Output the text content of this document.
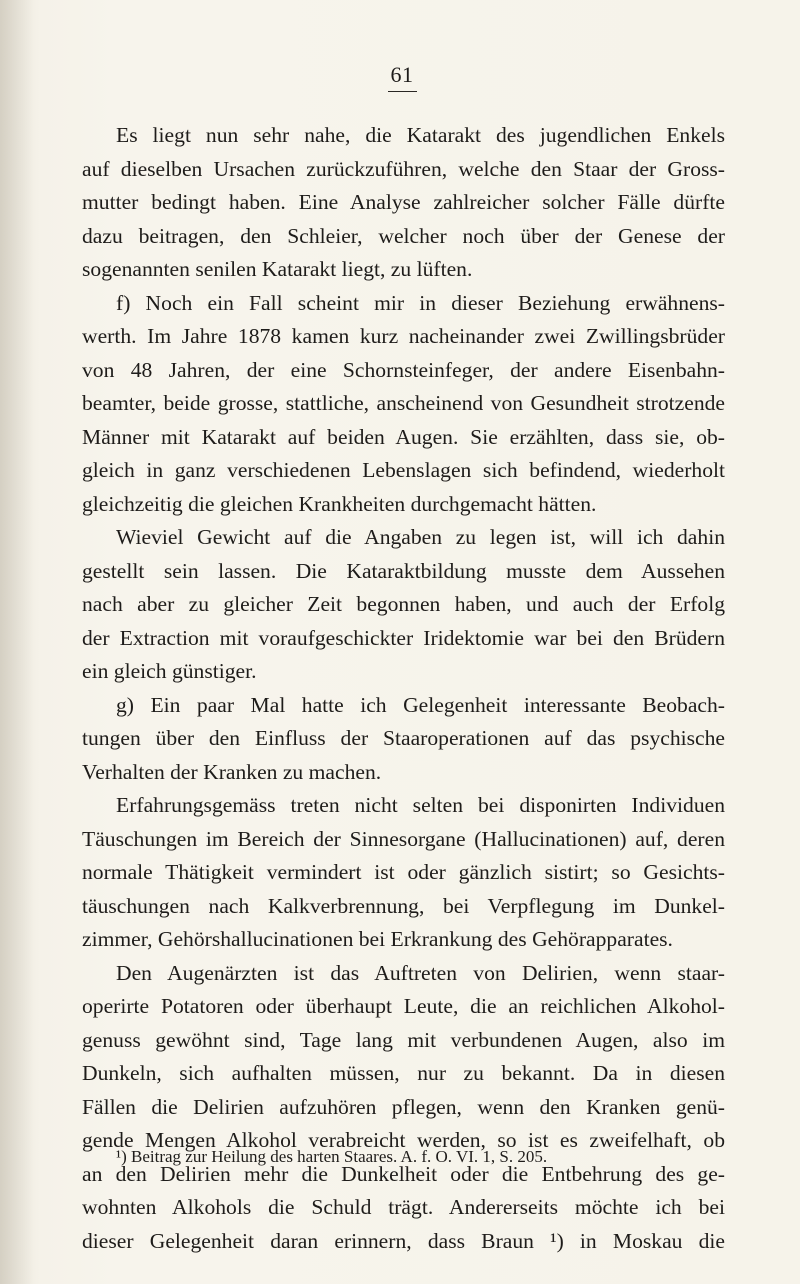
61
Es liegt nun sehr nahe, die Katarakt des jugendlichen Enkels
auf dieselben Ursachen zurückzuführen, welche den Staar der Gross-
mutter bedingt haben. Eine Analyse zahlreicher solcher Fälle dürfte
dazu beitragen, den Schleier, welcher noch über der Genese der
sogenannten senilen Katarakt liegt, zu lüften.
f) Noch ein Fall scheint mir in dieser Beziehung erwähnens-
werth. Im Jahre 1878 kamen kurz nacheinander zwei Zwillingsbrüder
von 48 Jahren, der eine Schornsteinfeger, der andere Eisenbahn-
beamter, beide grosse, stattliche, anscheinend von Gesundheit strotzende
Männer mit Katarakt auf beiden Augen. Sie erzählten, dass sie, ob-
gleich in ganz verschiedenen Lebenslagen sich befindend, wiederholt
gleichzeitig die gleichen Krankheiten durchgemacht hätten.
Wieviel Gewicht auf die Angaben zu legen ist, will ich dahin
gestellt sein lassen. Die Kataraktbildung musste dem Aussehen
nach aber zu gleicher Zeit begonnen haben, und auch der Erfolg
der Extraction mit voraufgeschickter Iridektomie war bei den Brüdern
ein gleich günstiger.
g) Ein paar Mal hatte ich Gelegenheit interessante Beobach-
tungen über den Einfluss der Staaroperationen auf das psychische
Verhalten der Kranken zu machen.
Erfahrungsgemäss treten nicht selten bei disponirten Individuen
Täuschungen im Bereich der Sinnesorgane (Hallucinationen) auf, deren
normale Thätigkeit vermindert ist oder gänzlich sistirt; so Gesichts-
täuschungen nach Kalkverbrennung, bei Verpflegung im Dunkel-
zimmer, Gehörshallucinationen bei Erkrankung des Gehörapparates.
Den Augenärzten ist das Auftreten von Delirien, wenn staar-
operirte Potatoren oder überhaupt Leute, die an reichlichen Alkohol-
genuss gewöhnt sind, Tage lang mit verbundenen Augen, also im
Dunkeln, sich aufhalten müssen, nur zu bekannt. Da in diesen
Fällen die Delirien aufzuhören pflegen, wenn den Kranken genü-
gende Mengen Alkohol verabreicht werden, so ist es zweifelhaft, ob
an den Delirien mehr die Dunkelheit oder die Entbehrung des ge-
wohnten Alkohols die Schuld trägt. Andererseits möchte ich bei
dieser Gelegenheit daran erinnern, dass Braun ¹) in Moskau die
¹) Beitrag zur Heilung des harten Staares. A. f. O. VI. 1, S. 205.
